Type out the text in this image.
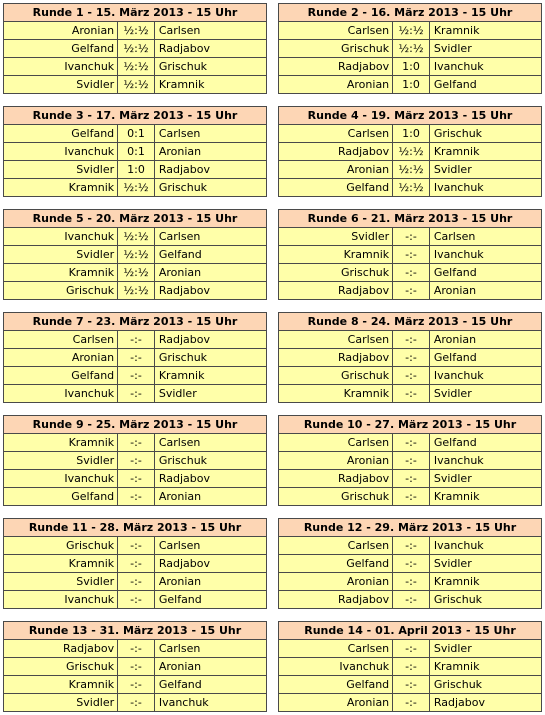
Runde 1 - 15. März 2013 - 15 Uhr		
Aronian	½:½	Carlsen
Gelfand	½:½	Radjabov
Ivanchuk	½:½	Grischuk
Svidler	½:½	Kramnik
Runde 2 - 16. März 2013 - 15 Uhr		
Carlsen	½:½	Kramnik
Grischuk	½:½	Svidler
Radjabov	1:0	Ivanchuk
Aronian	1:0	Gelfand
Runde 3 - 17. März 2013 - 15 Uhr		
Gelfand	0:1	Carlsen
Ivanchuk	0:1	Aronian
Svidler	1:0	Radjabov
Kramnik	½:½	Grischuk
Runde 4 - 19. März 2013 - 15 Uhr		
Carlsen	1:0	Grischuk
Radjabov	½:½	Kramnik
Aronian	½:½	Svidler
Gelfand	½:½	Ivanchuk
Runde 5 - 20. März 2013 - 15 Uhr		
Ivanchuk	½:½	Carlsen
Svidler	½:½	Gelfand
Kramnik	½:½	Aronian
Grischuk	½:½	Radjabov
Runde 6 - 21. März 2013 - 15 Uhr		
Svidler	-:-	Carlsen
Kramnik	-:-	Ivanchuk
Grischuk	-:-	Gelfand
Radjabov	-:-	Aronian
Runde 7 - 23. März 2013 - 15 Uhr		
Carlsen	-:-	Radjabov
Aronian	-:-	Grischuk
Gelfand	-:-	Kramnik
Ivanchuk	-:-	Svidler
Runde 8 - 24. März 2013 - 15 Uhr		
Carlsen	-:-	Aronian
Radjabov	-:-	Gelfand
Grischuk	-:-	Ivanchuk
Kramnik	-:-	Svidler
Runde 9 - 25. März 2013 - 15 Uhr		
Kramnik	-:-	Carlsen
Svidler	-:-	Grischuk
Ivanchuk	-:-	Radjabov
Gelfand	-:-	Aronian
Runde 10 - 27. März 2013 - 15 Uhr		
Carlsen	-:-	Gelfand
Aronian	-:-	Ivanchuk
Radjabov	-:-	Svidler
Grischuk	-:-	Kramnik
Runde 11 - 28. März 2013 - 15 Uhr		
Grischuk	-:-	Carlsen
Kramnik	-:-	Radjabov
Svidler	-:-	Aronian
Ivanchuk	-:-	Gelfand
Runde 12 - 29. März 2013 - 15 Uhr		
Carlsen	-:-	Ivanchuk
Gelfand	-:-	Svidler
Aronian	-:-	Kramnik
Radjabov	-:-	Grischuk
Runde 13 - 31. März 2013 - 15 Uhr		
Radjabov	-:-	Carlsen
Grischuk	-:-	Aronian
Kramnik	-:-	Gelfand
Svidler	-:-	Ivanchuk
Runde 14 - 01. April 2013 - 15 Uhr		
Carlsen	-:-	Svidler
Ivanchuk	-:-	Kramnik
Gelfand	-:-	Grischuk
Aronian	-:-	Radjabov
